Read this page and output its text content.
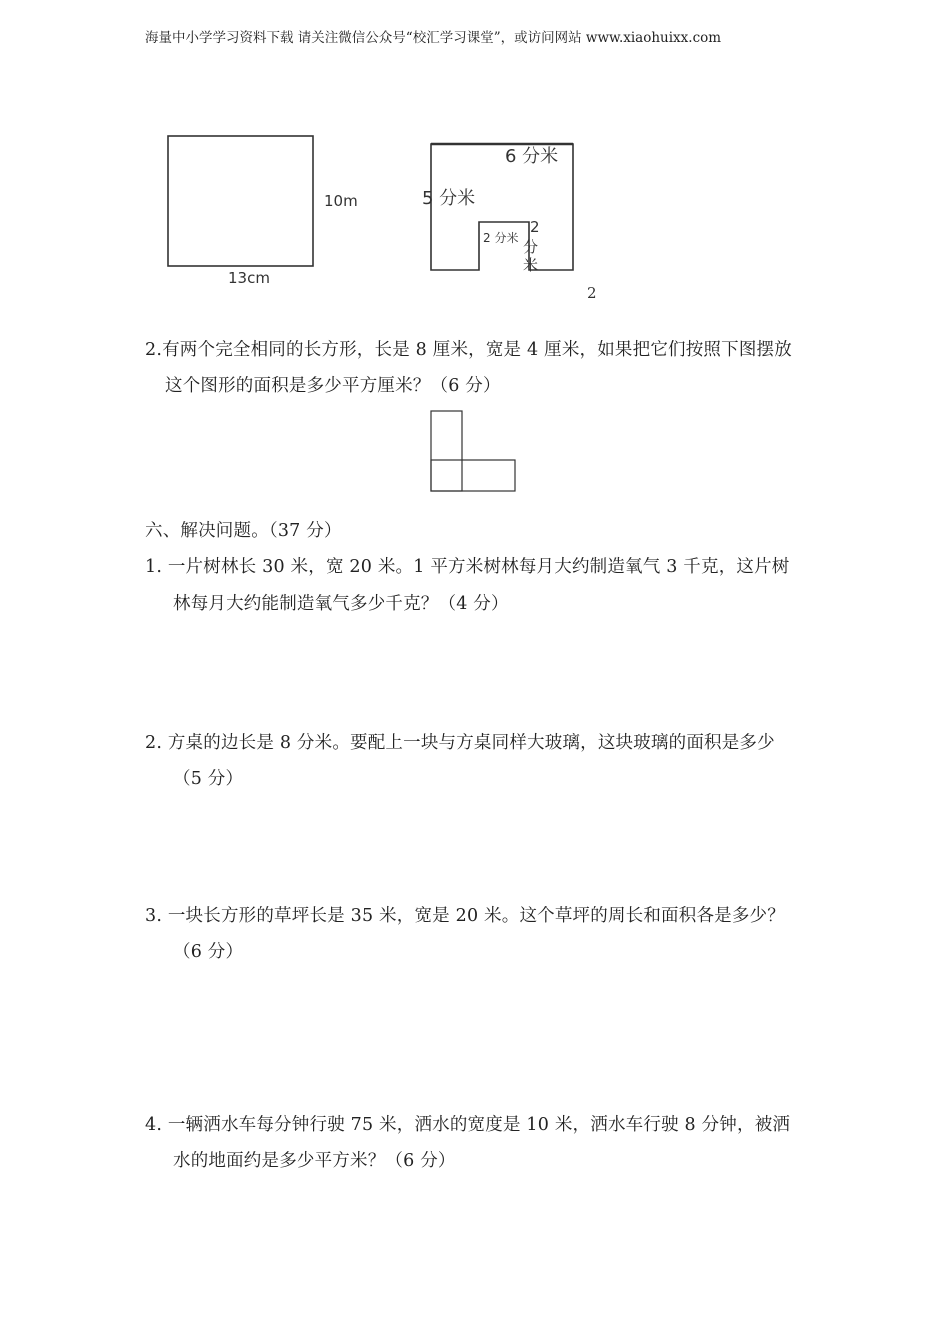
海量中小学学习资料下载 请关注微信公众号“校汇学习课堂”，或访问网站 www.xiaohuixx.com
10m
13cm
6 分米
5 分米
2 分米
2
分
米
2
2.有两个完全相同的长方形，长是 8 厘米，宽是 4 厘米，如果把它们按照下图摆放
这个图形的面积是多少平方厘米？（6 分）
六、解决问题。（37 分）
1. 一片树林长 30 米，宽 20 米。1 平方米树林每月大约制造氧气 3 千克，这片树
林每月大约能制造氧气多少千克？（4 分）
2. 方桌的边长是 8 分米。要配上一块与方桌同样大玻璃，这块玻璃的面积是多少
（5 分）
3. 一块长方形的草坪长是 35 米，宽是 20 米。这个草坪的周长和面积各是多少？
（6 分）
4. 一辆洒水车每分钟行驶 75 米，洒水的宽度是 10 米，洒水车行驶 8 分钟，被洒
水的地面约是多少平方米？（6 分）
